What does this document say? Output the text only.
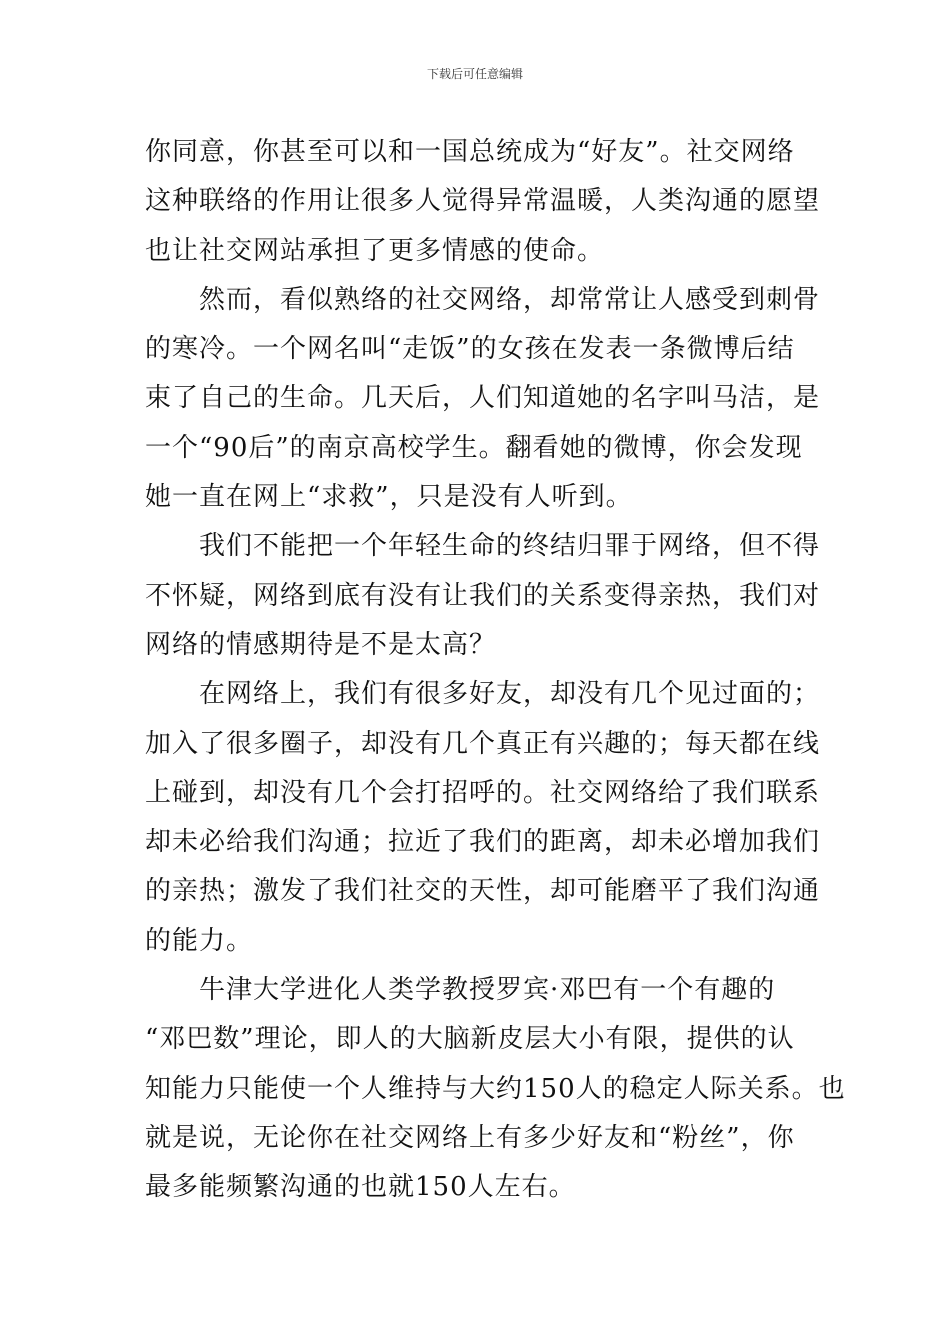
下载后可任意编辑

你同意，你甚至可以和一国总统成为“好友”。社交网络
这种联络的作用让很多人觉得异常温暖，人类沟通的愿望
也让社交网站承担了更多情感的使命。

　　然而，看似熟络的社交网络，却常常让人感受到刺骨
的寒冷。一个网名叫“走饭”的女孩在发表一条微博后结
束了自己的生命。几天后，人们知道她的名字叫马洁，是
一个“90后”的南京高校学生。翻看她的微博，你会发现
她一直在网上“求救”，只是没有人听到。

　　我们不能把一个年轻生命的终结归罪于网络，但不得
不怀疑，网络到底有没有让我们的关系变得亲热，我们对
网络的情感期待是不是太高？

　　在网络上，我们有很多好友，却没有几个见过面的；
加入了很多圈子，却没有几个真正有兴趣的；每天都在线
上碰到，却没有几个会打招呼的。社交网络给了我们联系
却未必给我们沟通；拉近了我们的距离，却未必增加我们
的亲热；激发了我们社交的天性，却可能磨平了我们沟通
的能力。

　　牛津大学进化人类学教授罗宾·邓巴有一个有趣的
“邓巴数”理论，即人的大脑新皮层大小有限，提供的认
知能力只能使一个人维持与大约150人的稳定人际关系。也
就是说，无论你在社交网络上有多少好友和“粉丝”，你
最多能频繁沟通的也就150人左右。
